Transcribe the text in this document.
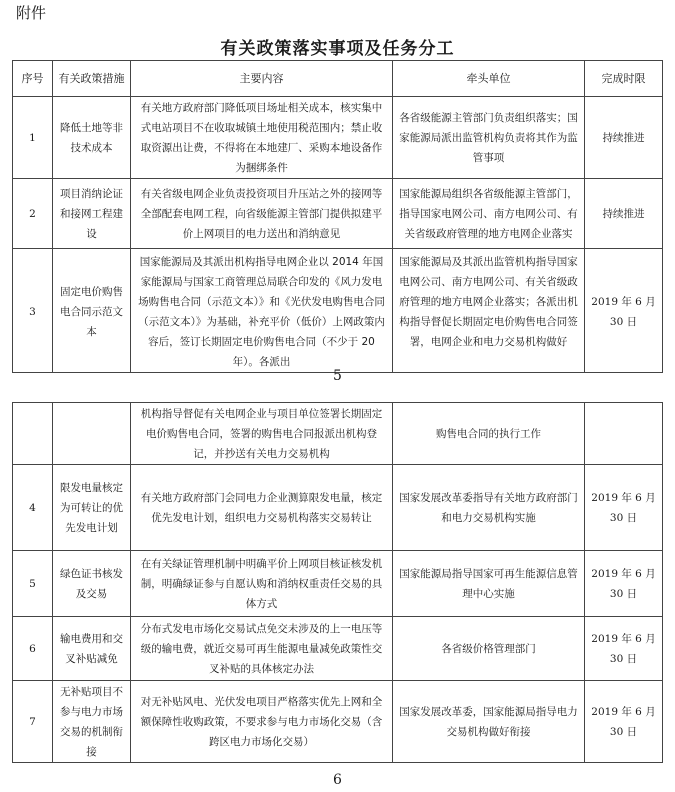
附件
有关政策落实事项及任务分工
序号	有关政策措施	主要内容	牵头单位	完成时限
1	降低土地等非技术成本	有关地方政府部门降低项目场址相关成本，核实集中式电站项目不在收取城镇土地使用税范围内；禁止收取资源出让费，不得将在本地建厂、采购本地设备作为捆绑条件	各省级能源主管部门负责组织落实；国家能源局派出监管机构负责将其作为监管事项	持续推进
2	项目消纳论证和接网工程建设	有关省级电网企业负责投资项目升压站之外的接网等全部配套电网工程，向省级能源主管部门提供拟建平价上网项目的电力送出和消纳意见	国家能源局组织各省级能源主管部门，指导国家电网公司、南方电网公司、有关省级政府管理的地方电网企业落实	持续推进
3	固定电价购售电合同示范文本	国家能源局及其派出机构指导电网企业以 2014 年国家能源局与国家工商管理总局联合印发的《风力发电场购售电合同（示范文本）》和《光伏发电购售电合同（示范文本）》为基础，补充平价（低价）上网政策内容后，签订长期固定电价购售电合同（不少于 20 年）。各派出	国家能源局及其派出监管机构指导国家电网公司、南方电网公司、有关省级政府管理的地方电网企业落实；各派出机构指导督促长期固定电价购售电合同签署，电网企业和电力交易机构做好	2019 年 6 月 30 日
5
		机构指导督促有关电网企业与项目单位签署长期固定电价购售电合同，签署的购售电合同报派出机构登记，并抄送有关电力交易机构	购售电合同的执行工作	
4	限发电量核定为可转让的优先发电计划	有关地方政府部门会同电力企业测算限发电量，核定优先发电计划，组织电力交易机构落实交易转让	国家发展改革委指导有关地方政府部门和电力交易机构实施	2019 年 6 月 30 日
5	绿色证书核发及交易	在有关绿证管理机制中明确平价上网项目核证核发机制，明确绿证参与自愿认购和消纳权重责任交易的具体方式	国家能源局指导国家可再生能源信息管理中心实施	2019 年 6 月 30 日
6	输电费用和交叉补贴减免	分布式发电市场化交易试点免交未涉及的上一电压等级的输电费，就近交易可再生能源电量减免政策性交叉补贴的具体核定办法	各省级价格管理部门	2019 年 6 月 30 日
7	无补贴项目不参与电力市场交易的机制衔接	对无补贴风电、光伏发电项目严格落实优先上网和全额保障性收购政策，不要求参与电力市场化交易（含跨区电力市场化交易）	国家发展改革委，国家能源局指导电力交易机构做好衔接	2019 年 6 月 30 日
6
